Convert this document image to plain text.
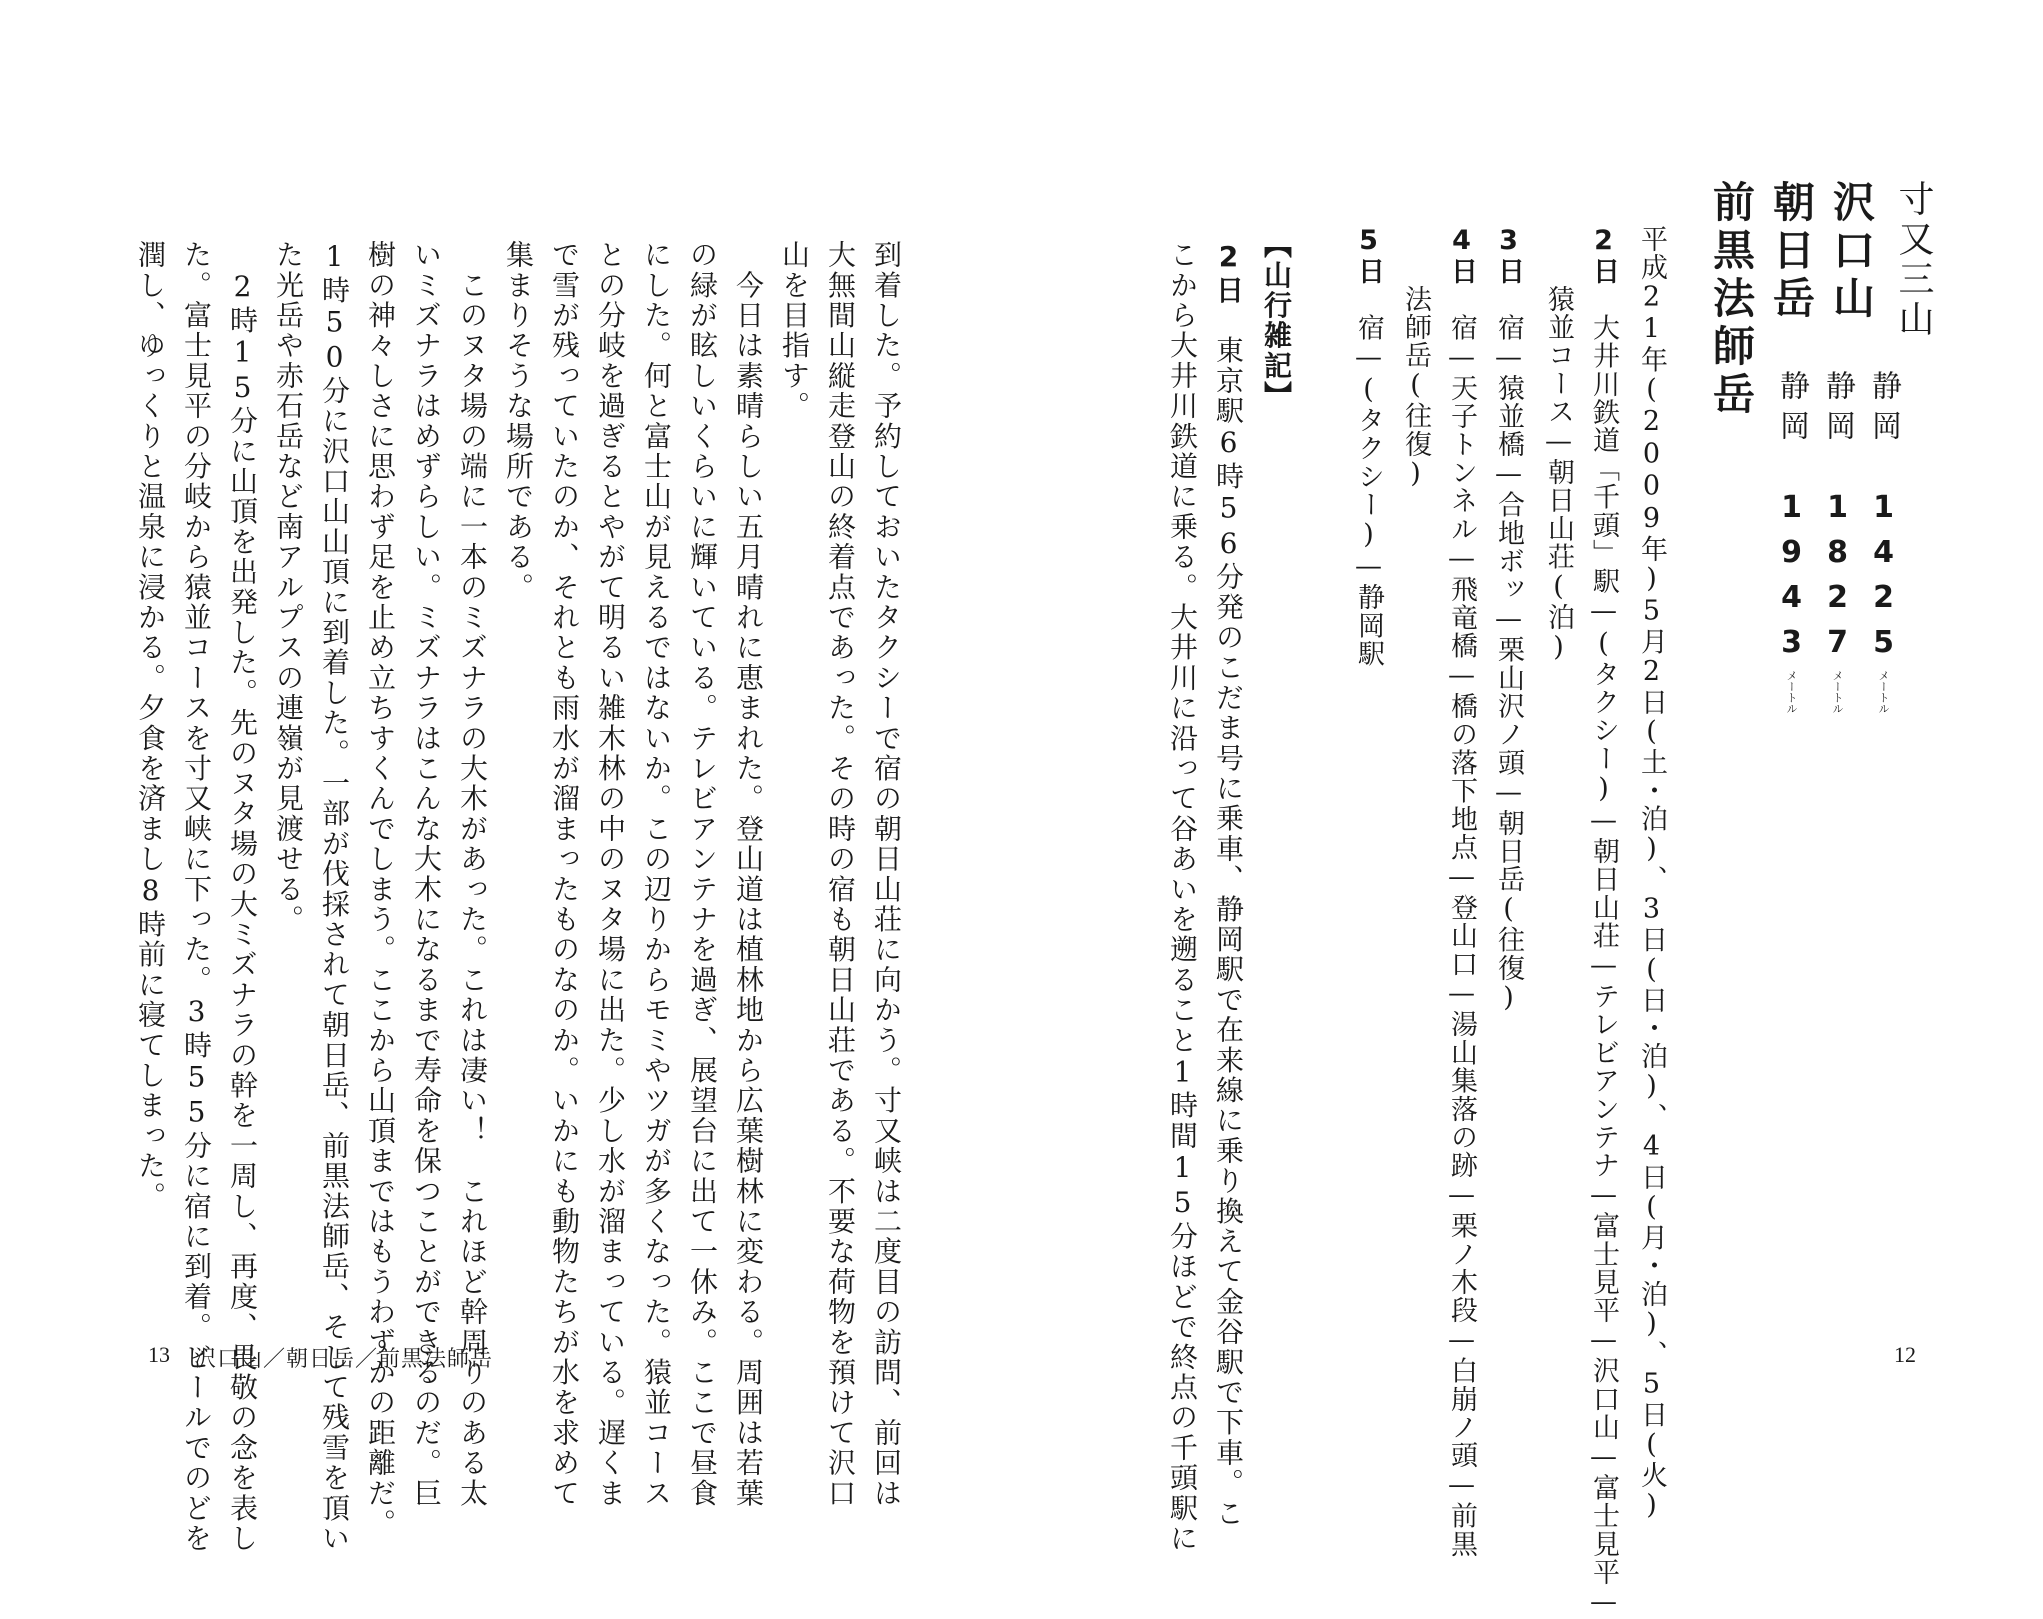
寸又三山
沢口山
朝日岳
前黒法師岳	静岡　1425メートル
静岡　1827メートル
静岡　1943メートル
平成21年(2009年)5月2日(土・泊)、3日(日・泊)、4日(月・泊)、5日(火)
2日　大井川鉄道「千頭」駅—(タクシー)—朝日山荘—テレビアンテナ—富士見平—沢口山—富士見平—
猿並コース—朝日山荘(泊)
3日　宿—猿並橋—合地ボッ—栗山沢ノ頭—朝日岳(往復)
4日　宿—天子トンネル—飛竜橋—橋の落下地点—登山口—湯山集落の跡—栗ノ木段—白崩ノ頭—前黒
法師岳(往復)
5日　宿—(タクシー)—静岡駅
【山行雑記】
2日　東京駅6時56分発のこだま号に乗車、静岡駅で在来線に乗り換えて金谷駅で下車。こ
こから大井川鉄道に乗る。大井川に沿って谷あいを遡ること1時間15分ほどで終点の千頭駅に	12
到着した。予約しておいたタクシーで宿の朝日山荘に向かう。寸又峡は二度目の訪問、前回は
大無間山縦走登山の終着点であった。その時の宿も朝日山荘である。不要な荷物を預けて沢口
山を目指す。
　今日は素晴らしい五月晴れに恵まれた。登山道は植林地から広葉樹林に変わる。周囲は若葉
の緑が眩しいくらいに輝いている。テレビアンテナを過ぎ、展望台に出て一休み。ここで昼食
にした。何と富士山が見えるではないか。この辺りからモミやツガが多くなった。猿並コース
との分岐を過ぎるとやがて明るい雑木林の中のヌタ場に出た。少し水が溜まっている。遅くま
で雪が残っていたのか、それとも雨水が溜まったものなのか。いかにも動物たちが水を求めて
集まりそうな場所である。
　このヌタ場の端に一本のミズナラの大木があった。これは凄い！　これほど幹周りのある太
いミズナラはめずらしい。ミズナラはこんな大木になるまで寿命を保つことができるのだ。巨
樹の神々しさに思わず足を止め立ちすくんでしまう。ここから山頂まではもうわずかの距離だ。
1時50分に沢口山山頂に到着した。一部が伐採されて朝日岳、前黒法師岳、そして残雪を頂い
た光岳や赤石岳など南アルプスの連嶺が見渡せる。
　2時15分に山頂を出発した。先のヌタ場の大ミズナラの幹を一周し、再度、畏敬の念を表し
た。富士見平の分岐から猿並コースを寸又峡に下った。3時55分に宿に到着。ビールでのどを
潤し、ゆっくりと温泉に浸かる。夕食を済まし8時前に寝てしまった。
13 沢口山／朝日岳／前黒法師岳
